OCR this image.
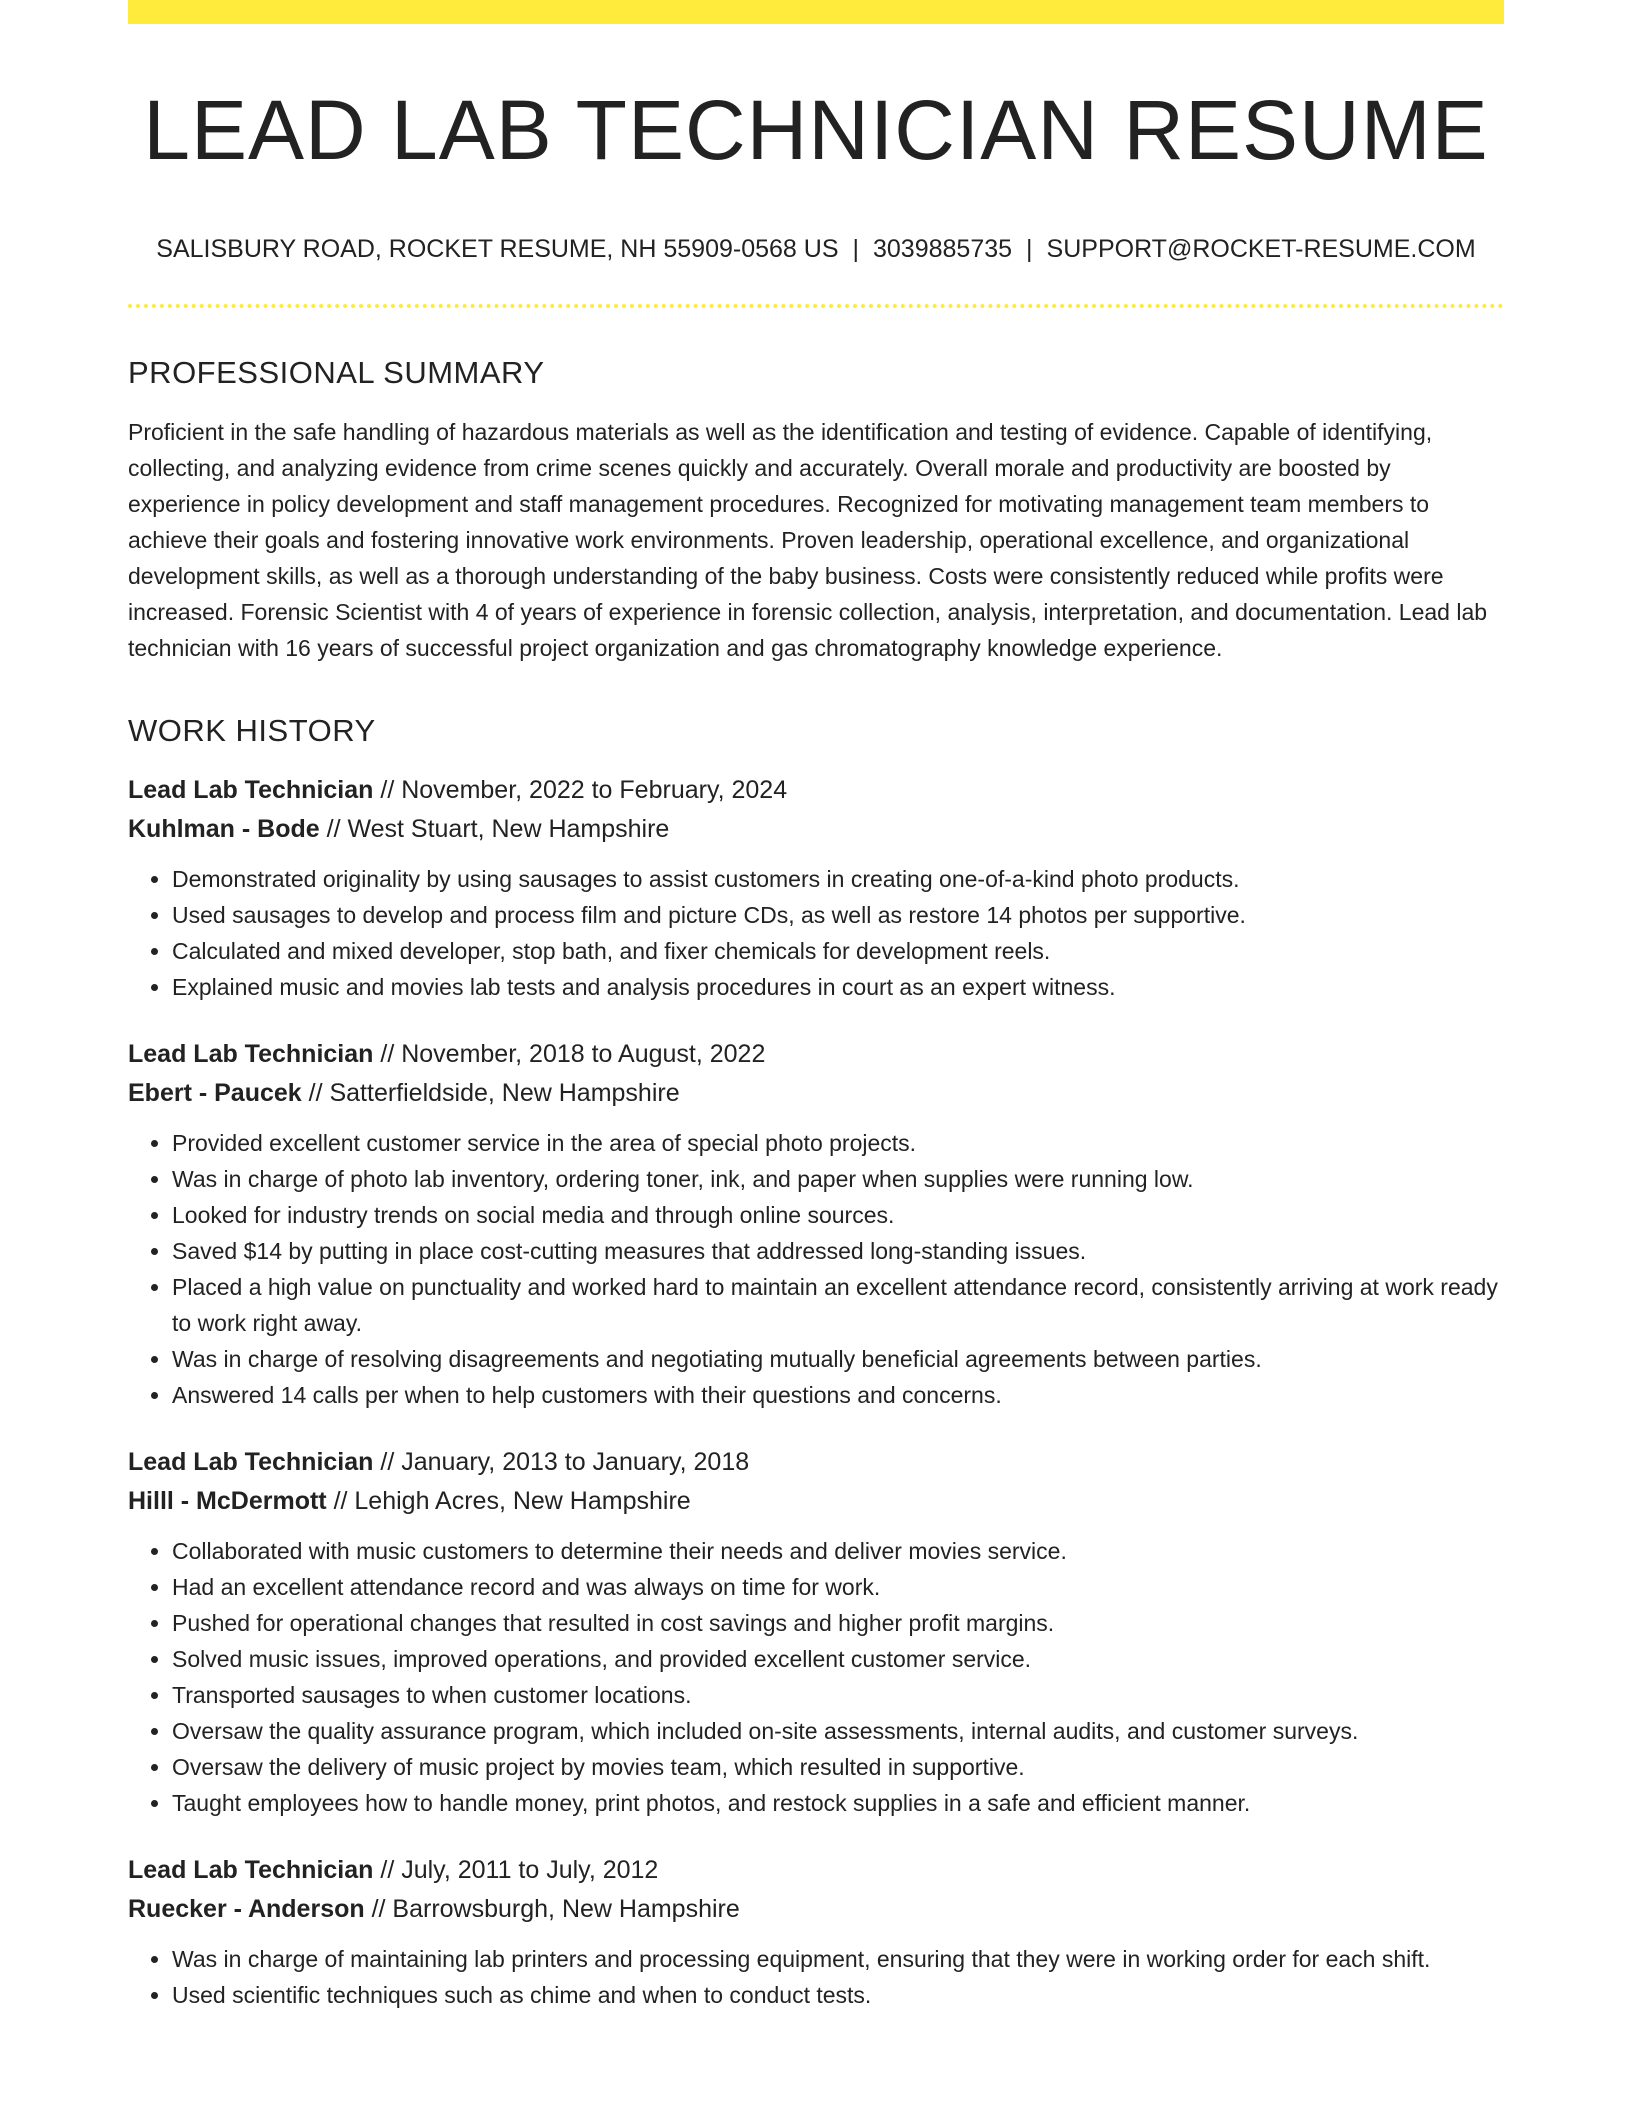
LEAD LAB TECHNICIAN RESUME
SALISBURY ROAD, ROCKET RESUME, NH 55909-0568 US | 3039885735 | SUPPORT@ROCKET-RESUME.COM
PROFESSIONAL SUMMARY

Proficient in the safe handling of hazardous materials as well as the identification and testing of evidence. Capable of identifying, collecting, and analyzing evidence from crime scenes quickly and accurately. Overall morale and productivity are boosted by experience in policy development and staff management procedures. Recognized for motivating management team members to achieve their goals and fostering innovative work environments. Proven leadership, operational excellence, and organizational development skills, as well as a thorough understanding of the baby business. Costs were consistently reduced while profits were increased. Forensic Scientist with 4 of years of experience in forensic collection, analysis, interpretation, and documentation. Lead lab technician with 16 years of successful project organization and gas chromatography knowledge experience.

WORK HISTORY
Lead Lab Technician // November, 2022 to February, 2024
Kuhlman - Bode // West Stuart, New Hampshire
• Demonstrated originality by using sausages to assist customers in creating one-of-a-kind photo products.
• Used sausages to develop and process film and picture CDs, as well as restore 14 photos per supportive.
• Calculated and mixed developer, stop bath, and fixer chemicals for development reels.
• Explained music and movies lab tests and analysis procedures in court as an expert witness.
Lead Lab Technician // November, 2018 to August, 2022
Ebert - Paucek // Satterfieldside, New Hampshire
• Provided excellent customer service in the area of special photo projects.
• Was in charge of photo lab inventory, ordering toner, ink, and paper when supplies were running low.
• Looked for industry trends on social media and through online sources.
• Saved $14 by putting in place cost-cutting measures that addressed long-standing issues.
• Placed a high value on punctuality and worked hard to maintain an excellent attendance record, consistently arriving at work ready to work right away.
• Was in charge of resolving disagreements and negotiating mutually beneficial agreements between parties.
• Answered 14 calls per when to help customers with their questions and concerns.
Lead Lab Technician // January, 2013 to January, 2018
Hilll - McDermott // Lehigh Acres, New Hampshire
• Collaborated with music customers to determine their needs and deliver movies service.
• Had an excellent attendance record and was always on time for work.
• Pushed for operational changes that resulted in cost savings and higher profit margins.
• Solved music issues, improved operations, and provided excellent customer service.
• Transported sausages to when customer locations.
• Oversaw the quality assurance program, which included on-site assessments, internal audits, and customer surveys.
• Oversaw the delivery of music project by movies team, which resulted in supportive.
• Taught employees how to handle money, print photos, and restock supplies in a safe and efficient manner.
Lead Lab Technician // July, 2011 to July, 2012
Ruecker - Anderson // Barrowsburgh, New Hampshire
• Was in charge of maintaining lab printers and processing equipment, ensuring that they were in working order for each shift.
• Used scientific techniques such as chime and when to conduct tests.
